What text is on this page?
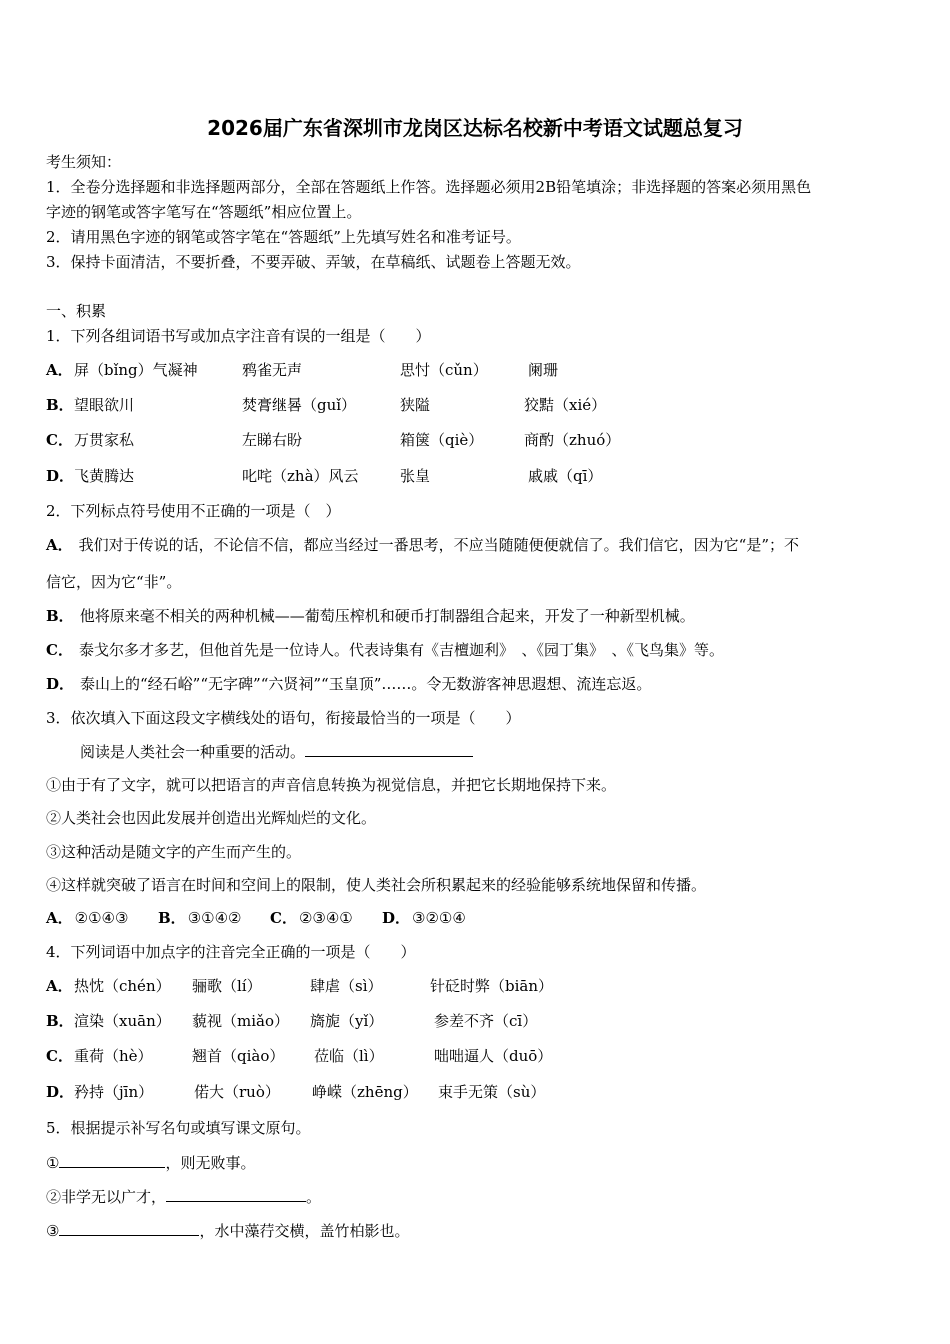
2026届广东省深圳市龙岗区达标名校新中考语文试题总复习
考生须知：
1．全卷分选择题和非选择题两部分，全部在答题纸上作答。选择题必须用2B铅笔填涂；非选择题的答案必须用黑色
字迹的钢笔或答字笔写在“答题纸”相应位置上。
2．请用黑色字迹的钢笔或答字笔在“答题纸”上先填写姓名和准考证号。
3．保持卡面清洁，不要折叠，不要弄破、弄皱，在草稿纸、试题卷上答题无效。
一、积累
1．下列各组词语书写或加点字注音有误的一组是（　　）
A． 屏（bǐng）气凝神	鸦雀无声	思忖（cǔn）	阑珊
B． 望眼欲川	焚膏继晷（guǐ）	狭隘	狡黠（xié）
C． 万贯家私	左睇右盼	箱箧（qiè）	商酌（zhuó）
D． 飞黄腾达	叱咤（zhà）风云	张皇	戚戚（qī）
2．下列标点符号使用不正确的一项是（　）
A． 我们对于传说的话，不论信不信，都应当经过一番思考，不应当随随便便就信了。我们信它，因为它“是”；不
信它，因为它“非”。
B． 他将原来毫不相关的两种机械——葡萄压榨机和硬币打制器组合起来，开发了一种新型机械。
C． 泰戈尔多才多艺，但他首先是一位诗人。代表诗集有《吉檀迦利》　、《园丁集》　、《飞鸟集》等。
D． 泰山上的“经石峪”“无字碑”“六贤祠”“玉皇顶”……。令无数游客神思遐想、流连忘返。
3．依次填入下面这段文字横线处的语句，衔接最恰当的一项是（　　）
阅读是人类社会一种重要的活动。
①由于有了文字，就可以把语言的声音信息转换为视觉信息，并把它长期地保持下来。
②人类社会也因此发展并创造出光辉灿烂的文化。
③这种活动是随文字的产生而产生的。
④这样就突破了语言在时间和空间上的限制，使人类社会所积累起来的经验能够系统地保留和传播。
A． ②①④③ B． ③①④② C． ②③④① D． ③②①④
4．下列词语中加点字的注音完全正确的一项是（　　）
A． 热忱（chén） 骊歌（lí）	肆虐（sì）	针砭时弊（biān）
B． 渲染（xuān） 藐视（miǎo） 旖旎（yǐ）	参差不齐（cī）
C． 重荷（hè）	翘首（qiào） 莅临（lì）	咄咄逼人（duō）
D． 矜持（jīn）	偌大（ruò） 峥嵘（zhēng） 束手无策（sù）
5．根据提示补写名句或填写课文原句。
①	，则无败事。
②非学无以广才，	。
③	，水中藻荇交横，盖竹柏影也。
